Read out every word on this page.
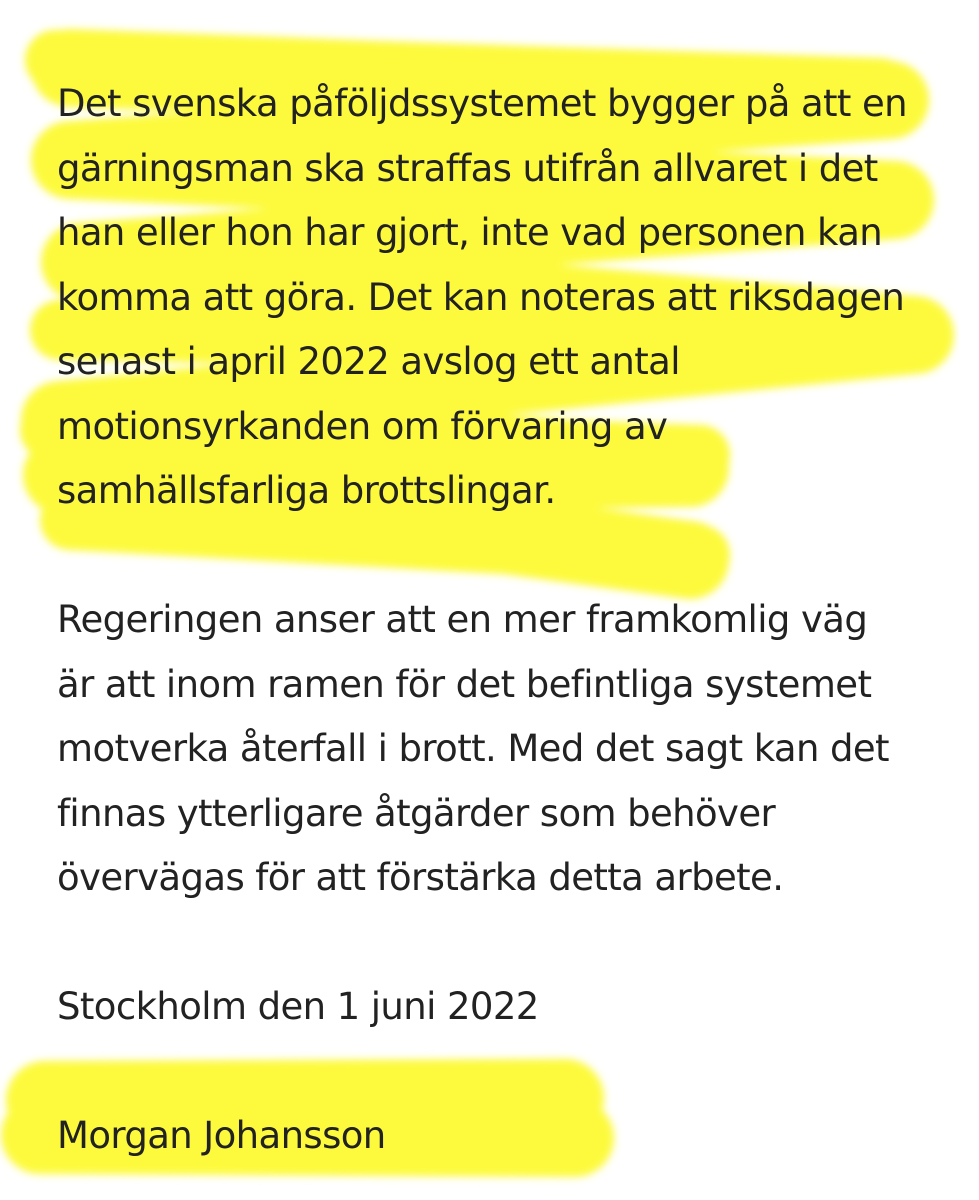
Det svenska påföljdssystemet bygger på att en
gärningsman ska straffas utifrån allvaret i det
han eller hon har gjort, inte vad personen kan
komma att göra. Det kan noteras att riksdagen
senast i april 2022 avslog ett antal
motionsyrkanden om förvaring av
samhällsfarliga brottslingar.
Regeringen anser att en mer framkomlig väg
är att inom ramen för det befintliga systemet
motverka återfall i brott. Med det sagt kan det
finnas ytterligare åtgärder som behöver
övervägas för att förstärka detta arbete.
Stockholm den 1 juni 2022
Morgan Johansson
